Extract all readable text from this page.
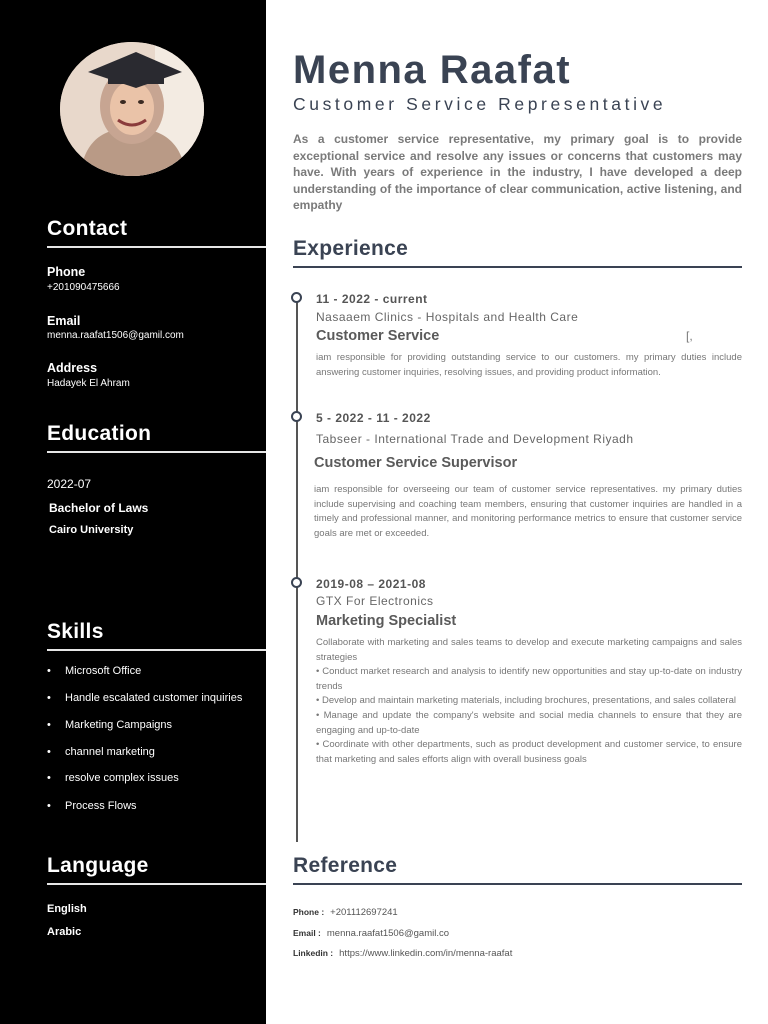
Contact
Phone
+201090475666
Email
menna.raafat1506@gamil.com
Address
Hadayek El Ahram
Education
2022-07
Bachelor of Laws
Cairo University
Skills
• Microsoft Office
• Handle escalated customer inquiries
• Marketing Campaigns
• channel marketing
• resolve complex issues
• Process Flows
Language
English
Arabic
Menna Raafat
Customer Service Representative
As a customer service representative, my primary goal is to provide exceptional service and resolve any issues or concerns that customers may have. With years of experience in the industry, I have developed a deep understanding of the importance of clear communication, active listening, and empathy
Experience
11 - 2022 - current
Nasaaem Clinics - Hospitals and Health Care
Customer Service	[,
iam responsible for providing outstanding service to our customers. my primary duties include answering customer inquiries, resolving issues, and providing product information.
5 - 2022 - 11 - 2022
Tabseer - International Trade and Development Riyadh
Customer Service Supervisor
iam responsible for overseeing our team of customer service representatives. my primary duties include supervising and coaching team members, ensuring that customer inquiries are handled in a timely and professional manner, and monitoring performance metrics to ensure that customer service goals are met or exceeded.
2019-08 – 2021-08
GTX For Electronics
Marketing Specialist
Collaborate with marketing and sales teams to develop and execute marketing campaigns and sales strategies
• Conduct market research and analysis to identify new opportunities and stay up-to-date on industry trends
• Develop and maintain marketing materials, including brochures, presentations, and sales collateral
• Manage and update the company's website and social media channels to ensure that they are engaging and up-to-date
• Coordinate with other departments, such as product development and customer service, to ensure that marketing and sales efforts align with overall business goals
Reference
Phone : +201112697241
Email : menna.raafat1506@gamil.co
Linkedin : https://www.linkedin.com/in/menna-raafat
